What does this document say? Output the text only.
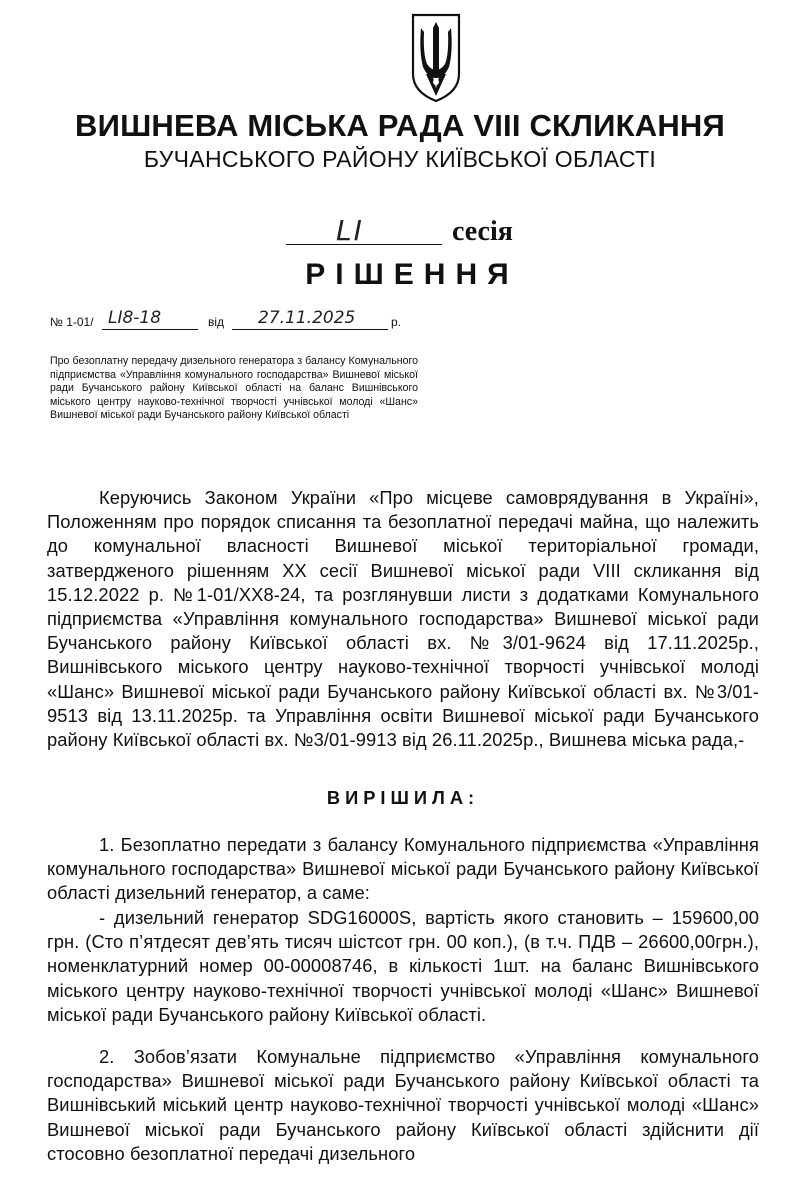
ВИШНЕВА МІСЬКА РАДА VIII СКЛИКАННЯ
БУЧАНСЬКОГО РАЙОНУ КИЇВСЬКОЇ ОБЛАСТІ
LI	сесія
РІШЕННЯ
№ 1-01/ LI8-18	від 27.11.2025	р.
Про безоплатну передачу дизельного генератора з балансу Комунального підприємства «Управління комунального господарства» Вишневої міської ради Бучанського району Київської області на баланс Вишнівського міського центру науково-технічної творчості учнівської молоді «Шанс» Вишневої міської ради Бучанського району Київської області
Керуючись Законом України «Про місцеве самоврядування в Україні», Положенням про порядок списання та безоплатної передачі майна, що належить до комунальної власності Вишневої міської територіальної громади, затвердженого рішенням XX сесії Вишневої міської ради VIII скликання від 15.12.2022 р. №1-01/XX8-24, та розглянувши листи з додатками Комунального підприємства «Управління комунального господарства» Вишневої міської ради Бучанського району Київської області вх. №3/01-9624 від 17.11.2025р., Вишнівського міського центру науково-технічної творчості учнівської молоді «Шанс» Вишневої міської ради Бучанського району Київської області вх. №3/01-9513 від 13.11.2025р. та Управління освіти Вишневої міської ради Бучанського району Київської області вх. №3/01-9913 від 26.11.2025р., Вишнева міська рада,-
ВИРІШИЛА:
1. Безоплатно передати з балансу Комунального підприємства «Управління комунального господарства» Вишневої міської ради Бучанського району Київської області дизельний генератор, а саме:
- дизельний генератор SDG16000S, вартість якого становить – 159600,00 грн. (Сто п’ятдесят дев’ять тисяч шістсот грн. 00 коп.), (в т.ч. ПДВ – 26600,00грн.), номенклатурний номер 00-00008746, в кількості 1шт. на баланс Вишнівського міського центру науково-технічної творчості учнівської молоді «Шанс» Вишневої міської ради Бучанського району Київської області.
2. Зобов’язати Комунальне підприємство «Управління комунального господарства» Вишневої міської ради Бучанського району Київської області та Вишнівський міський центр науково-технічної творчості учнівської молоді «Шанс» Вишневої міської ради Бучанського району Київської області здійснити дії стосовно безоплатної передачі дизельного
